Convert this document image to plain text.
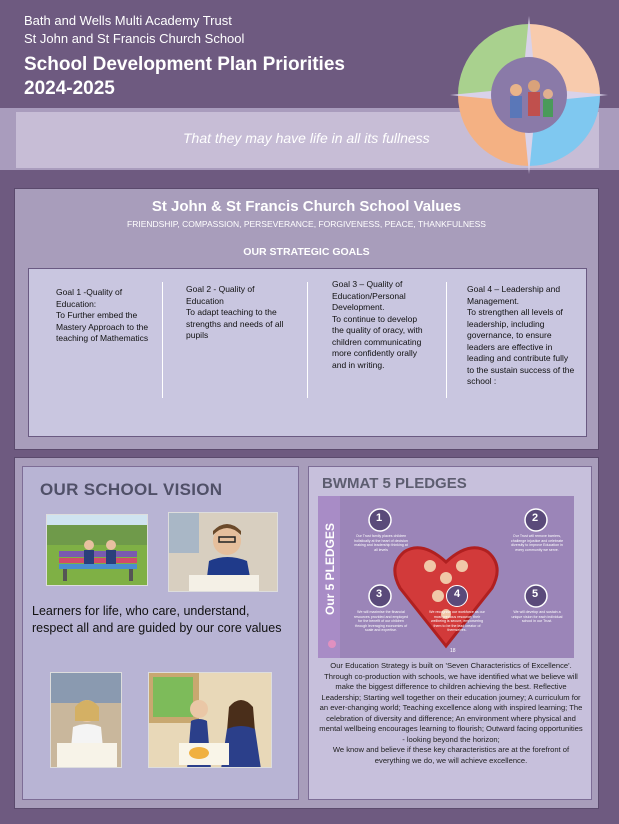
Bath and Wells Multi Academy Trust
St John and St Francis Church School
School Development Plan Priorities
2024-2025
That they may have life in all its fullness
St John & St Francis Church School Values
FRIENDSHIP, COMPASSION, PERSEVERANCE, FORGIVENESS, PEACE, THANKFULNESS
OUR STRATEGIC GOALS
Goal 1 -Quality of Education:
To Further embed the Mastery Approach to the teaching of Mathematics
Goal 2 - Quality of Education
To adapt teaching to the strengths and needs of all pupils
Goal 3 – Quality of Education/Personal Development.
To continue to develop the quality of oracy, with children communicating more confidently orally and in writing.
Goal 4 – Leadership and Management.
To strengthen all levels of leadership, including governance, to ensure leaders are effective in leading and contribute fully to the sustain success of the school :
OUR SCHOOL VISION
Learners for life, who care, understand, respect all and are guided by our core values
BWMAT 5 PLEDGES
Our 5 PLEDGES
1
Our Trust family places children holistically at the heart of decision making and leadership thinking at all levels
2
Our Trust will remove barriers, challenge injustice and celebrate diversity to improve Education in every community we serve.
3
We will maximise the financial resources provided and employed for the benefit of our children through leveraging economies of scale and expertise.
4
We recognise our workforce as our most precious resource; their wellbeing is secure, empowering them to be the lead creator of themselves.
5
We will develop and sustain a unique vision for each individual school in our Trust.
18
Our Education Strategy is built on 'Seven Characteristics of Excellence'. Through co-production with schools, we have identified what we believe will make the biggest difference to children achieving the best. Reflective Leadership; Starting well together on their education journey; A curriculum for an ever-changing world; Teaching excellence along with inspired learning; The celebration of diversity and difference; An environment where physical and mental wellbeing encourages learning to flourish; Outward facing opportunities - looking beyond the horizon;
We know and believe if these key characteristics are at the forefront of everything we do, we will achieve excellence.
